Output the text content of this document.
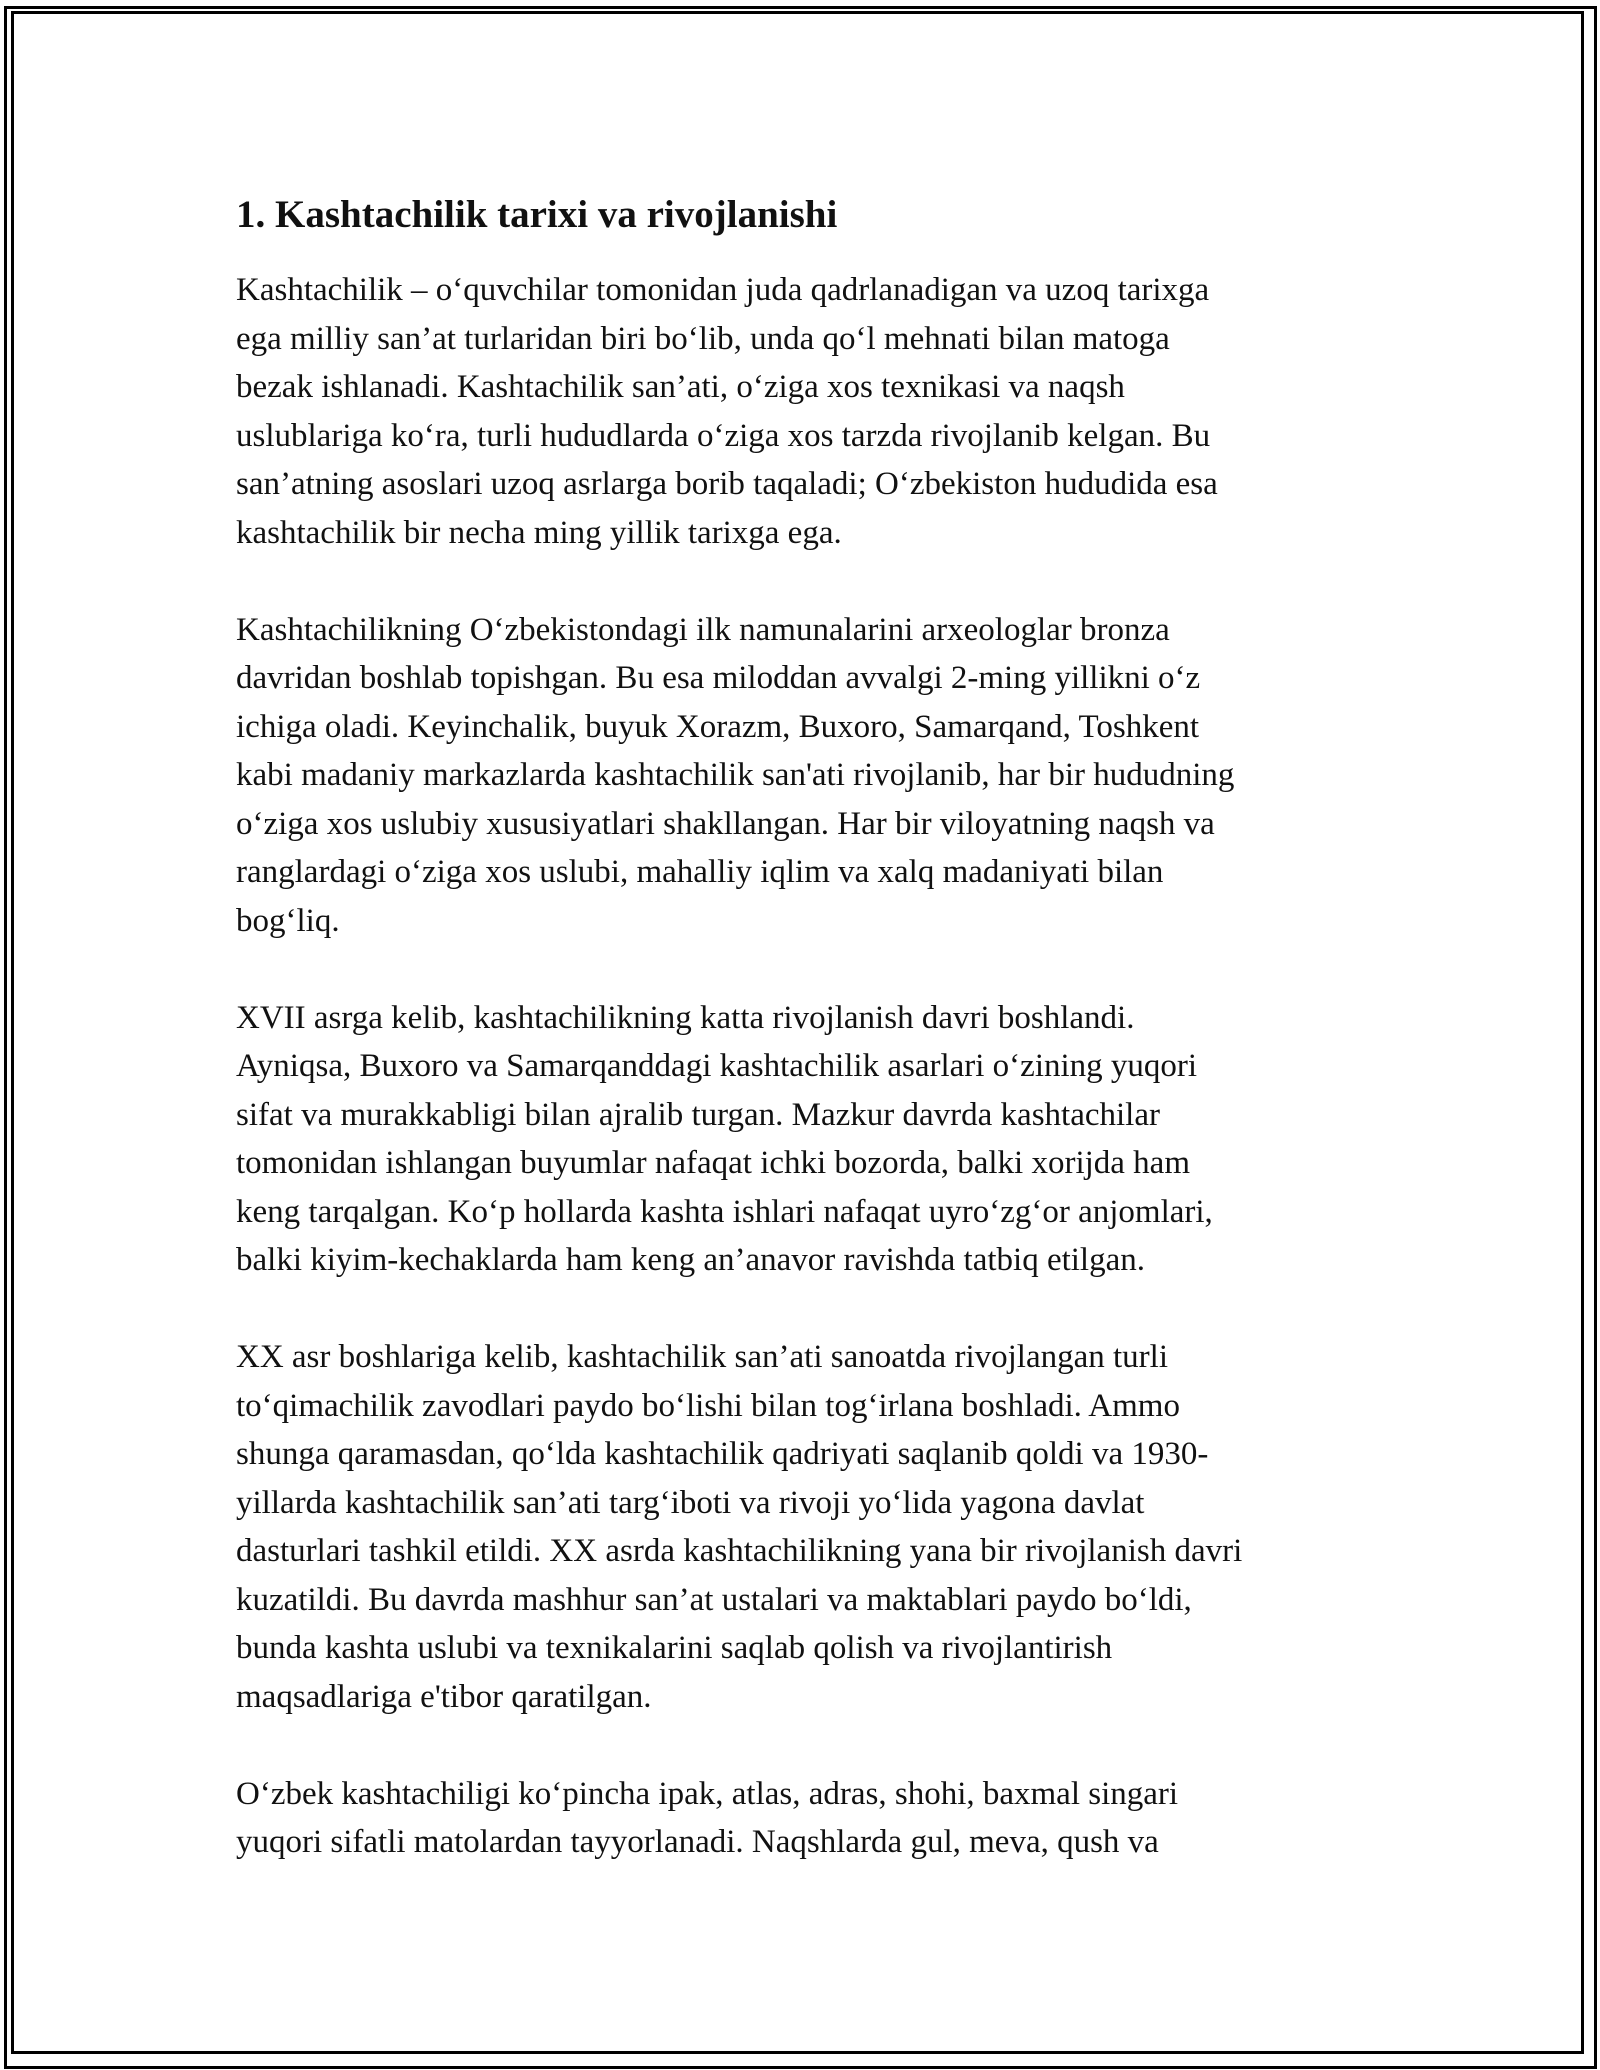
1. Kashtachilik tarixi va rivojlanishi

Kashtachilik – o‘quvchilar tomonidan juda qadrlanadigan va uzoq tarixga
ega milliy san’at turlaridan biri bo‘lib, unda qo‘l mehnati bilan matoga
bezak ishlanadi. Kashtachilik san’ati, o‘ziga xos texnikasi va naqsh
uslublariga ko‘ra, turli hududlarda o‘ziga xos tarzda rivojlanib kelgan. Bu
san’atning asoslari uzoq asrlarga borib taqaladi; O‘zbekiston hududida esa
kashtachilik bir necha ming yillik tarixga ega.

Kashtachilikning O‘zbekistondagi ilk namunalarini arxeologlar bronza
davridan boshlab topishgan. Bu esa miloddan avvalgi 2-ming yillikni o‘z
ichiga oladi. Keyinchalik, buyuk Xorazm, Buxoro, Samarqand, Toshkent
kabi madaniy markazlarda kashtachilik san'ati rivojlanib, har bir hududning
o‘ziga xos uslubiy xususiyatlari shakllangan. Har bir viloyatning naqsh va
ranglardagi o‘ziga xos uslubi, mahalliy iqlim va xalq madaniyati bilan
bog‘liq.

XVII asrga kelib, kashtachilikning katta rivojlanish davri boshlandi.
Ayniqsa, Buxoro va Samarqanddagi kashtachilik asarlari o‘zining yuqori
sifat va murakkabligi bilan ajralib turgan. Mazkur davrda kashtachilar
tomonidan ishlangan buyumlar nafaqat ichki bozorda, balki xorijda ham
keng tarqalgan. Ko‘p hollarda kashta ishlari nafaqat uyro‘zg‘or anjomlari,
balki kiyim-kechaklarda ham keng an’anavor ravishda tatbiq etilgan.

XX asr boshlariga kelib, kashtachilik san’ati sanoatda rivojlangan turli
to‘qimachilik zavodlari paydo bo‘lishi bilan tog‘irlana boshladi. Ammo
shunga qaramasdan, qo‘lda kashtachilik qadriyati saqlanib qoldi va 1930-
yillarda kashtachilik san’ati targ‘iboti va rivoji yo‘lida yagona davlat
dasturlari tashkil etildi. XX asrda kashtachilikning yana bir rivojlanish davri
kuzatildi. Bu davrda mashhur san’at ustalari va maktablari paydo bo‘ldi,
bunda kashta uslubi va texnikalarini saqlab qolish va rivojlantirish
maqsadlariga e'tibor qaratilgan.

O‘zbek kashtachiligi ko‘pincha ipak, atlas, adras, shohi, baxmal singari
yuqori sifatli matolardan tayyorlanadi. Naqshlarda gul, meva, qush va
